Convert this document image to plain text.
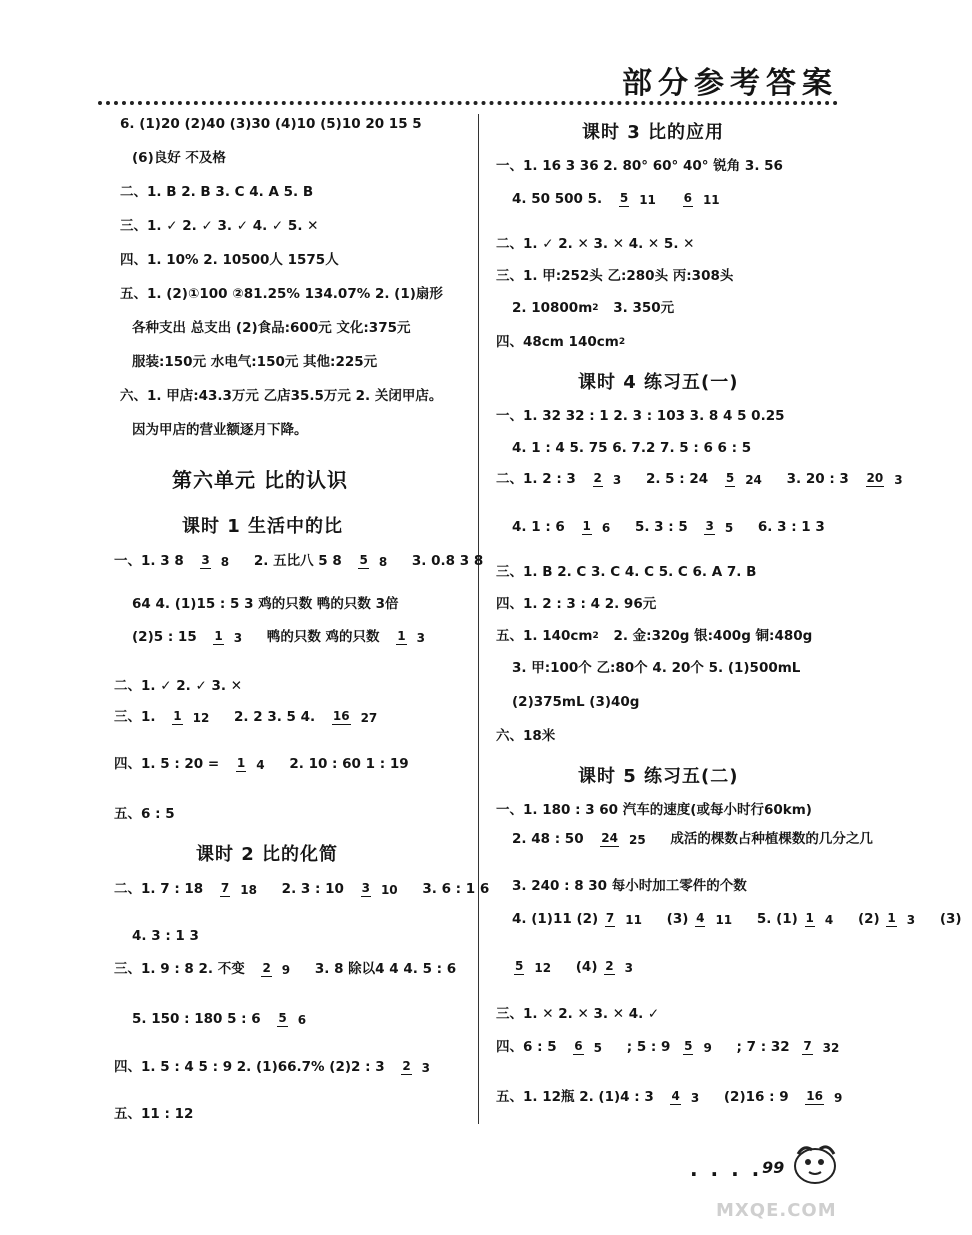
部分参考答案
6. (1)20 (2)40 (3)30 (4)10 (5)10 20 15 5
(6)良好 不及格
二、1. B 2. B 3. C 4. A 5. B
三、1. ✓ 2. ✓ 3. ✓ 4. ✓ 5. ✕
四、1. 10% 2. 10500人 1575人
五、1. (2)①100 ②81.25% 134.07% 2. (1)扇形
各种支出 总支出 (2)食品:600元 文化:375元
服装:150元 水电气:150元 其他:225元
六、1. 甲店:43.3万元 乙店35.5万元 2. 关闭甲店。
因为甲店的营业额逐月下降。
第六单元 比的认识
课时 1 生活中的比
一、1. 3 8 3 8 2. 五比八 5 8 5 8 3. 0.8 3 8
64 4. (1)15 : 5 3 鸡的只数 鸭的只数 3倍
(2)5 : 15 1 3 鸭的只数 鸡的只数 1 3
二、1. ✓ 2. ✓ 3. ✕
三、1. 1 12 2. 2 3. 5 4. 16 27
四、1. 5 : 20 = 1 4 2. 10 : 60 1 : 19
五、6 : 5
课时 2 比的化简
二、1. 7 : 18 7 18 2. 3 : 10 3 10 3. 6 : 1 6
4. 3 : 1 3
三、1. 9 : 8 2. 不变 2 9 3. 8 除以4 4 4. 5 : 6
5. 150 : 180 5 : 6 5 6
四、1. 5 : 4 5 : 9 2. (1)66.7% (2)2 : 3 2 3
五、11 : 12
课时 3 比的应用
一、1. 16 3 36 2. 80° 60° 40° 锐角 3. 56
4. 50 500 5. 5 11 6 11
二、1. ✓ 2. ✕ 3. ✕ 4. ✕ 5. ✕
三、1. 甲:252头 乙:280头 丙:308头
2. 10800m2 3. 350元
四、48cm 140cm2
课时 4 练习五(一)
一、1. 32 32 : 1 2. 3 : 103 3. 8 4 5 0.25
4. 1 : 4 5. 75 6. 7.2 7. 5 : 6 6 : 5
二、1. 2 : 3 2 3 2. 5 : 24 5 24 3. 20 : 3 20 3
4. 1 : 6 1 6 5. 3 : 5 3 5 6. 3 : 1 3
三、1. B 2. C 3. C 4. C 5. C 6. A 7. B
四、1. 2 : 3 : 4 2. 96元
五、1. 140cm2 2. 金:320g 银:400g 铜:480g
3. 甲:100个 乙:80个 4. 20个 5. (1)500mL
(2)375mL (3)40g
六、18米
课时 5 练习五(二)
一、1. 180 : 3 60 汽车的速度(或每小时行60km)
2. 48 : 50 24 25 成活的棵数占种植棵数的几分之几
3. 240 : 8 30 每小时加工零件的个数
4. (1)11 (2) 7 11 (3) 4 11 5. (1) 1 4 (2) 1 3 (3)
5 12 (4) 2 3
三、1. ✕ 2. ✕ 3. ✕ 4. ✓
四、6 : 5 6 5 ; 5 : 9 5 9 ; 7 : 32 7 32
五、1. 12瓶 2. (1)4 : 3 4 3 (2)16 : 9 16 9
· · · · 99
MXQE.COM
